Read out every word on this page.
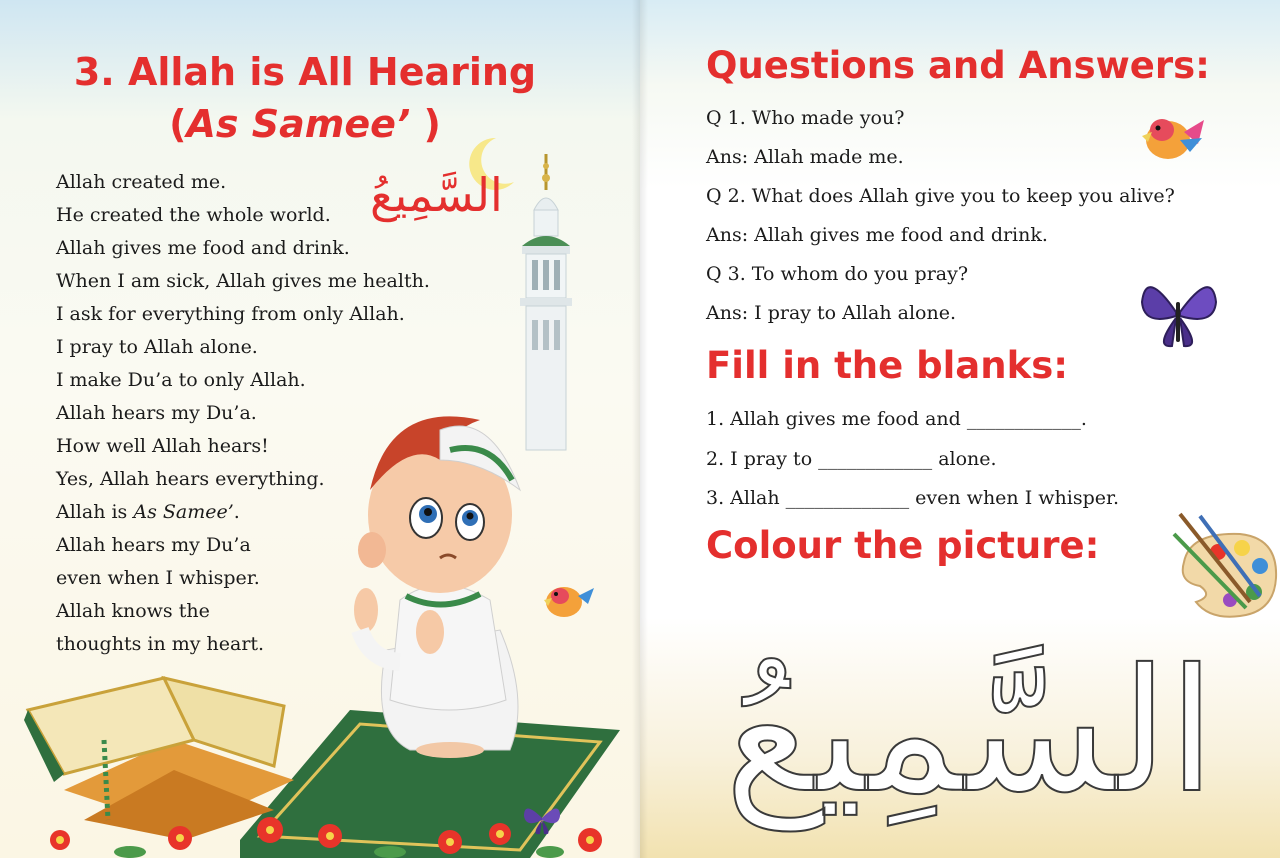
3. Allah is All Hearing
(As Samee’ )
السَّمِيعُ
Allah created me.
He created the whole world.
Allah gives me food and drink.
When I am sick, Allah gives me health.
I ask for everything from only Allah.
I pray to Allah alone.
I make Du’a to only Allah.
Allah hears my Du’a.
How well Allah hears!
Yes, Allah hears everything.
Allah is As Samee’.
Allah hears my Du’a
even when I whisper.
Allah knows the
thoughts in my heart.
Questions and Answers:
Q 1. Who made you?
Ans: Allah made me.
Q 2. What does Allah give you to keep you alive?
Ans: Allah gives me food and drink.
Q 3. To whom do you pray?
Ans: I pray to Allah alone.
Fill in the blanks:
1. Allah gives me food and ____________.
2. I pray to ____________ alone.
3. Allah _____________ even when I whisper.
Colour the picture:
السَّمِيعُ
